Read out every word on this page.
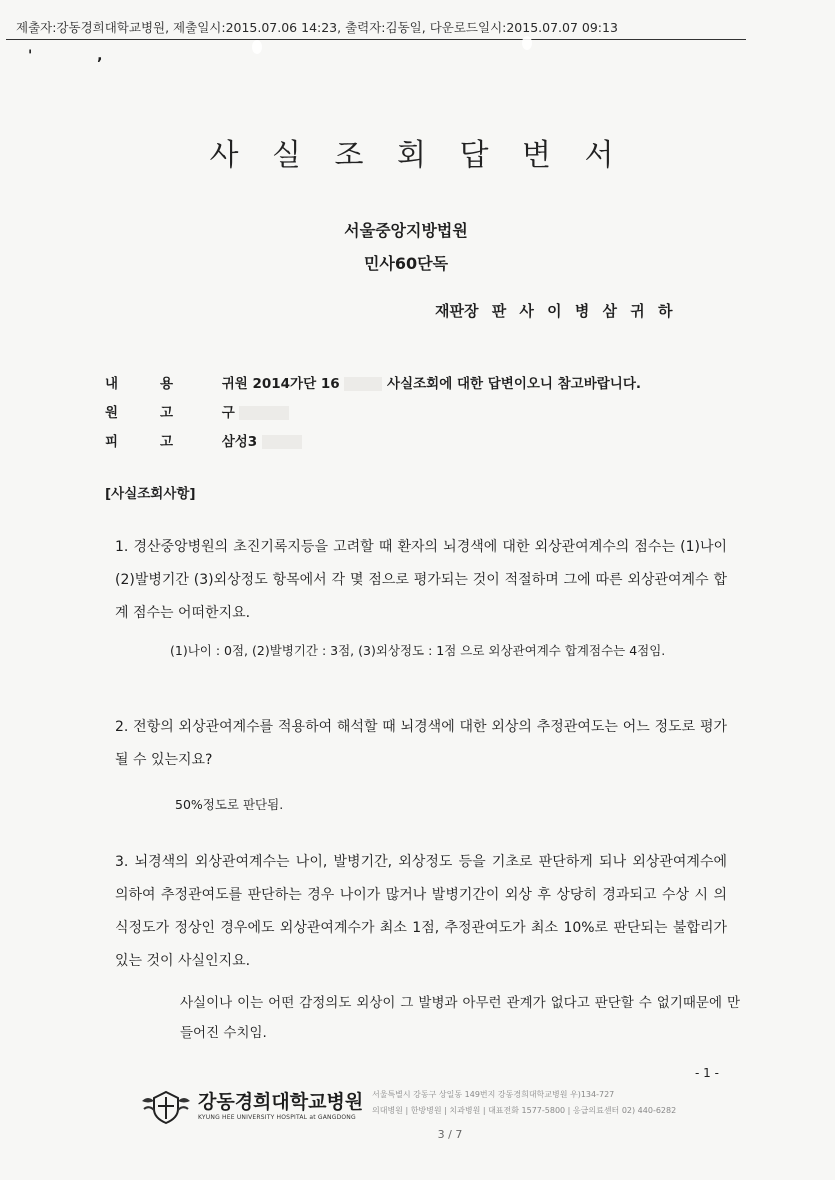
제출자:강동경희대학교병원, 제출일시:2015.07.06 14:23, 출력자:김동일, 다운로드일시:2015.07.07 09:13
' ,
사 실 조 회 답 변 서
서울중앙지방법원
민사60단독
재판장 판 사 이 병 삼 귀 하
내용 귀원 2014가단 16	사실조회에 대한 답변이오니 참고바랍니다.
원고 구
피고 삼성3
[사실조회사항]
1. 경산중앙병원의 초진기록지등을 고려할 때 환자의 뇌경색에 대한 외상관여계수의 점수는 (1)나이 (2)발병기간 (3)외상정도 항목에서 각 몇 점으로 평가되는 것이 적절하며 그에 따른 외상관여계수 합계 점수는 어떠한지요.
(1)나이 : 0점, (2)발병기간 : 3점, (3)외상정도 : 1점 으로 외상관여계수 합계점수는 4점임.
2. 전항의 외상관여계수를 적용하여 해석할 때 뇌경색에 대한 외상의 추정관여도는 어느 정도로 평가될 수 있는지요?
50%정도로 판단됨.
3. 뇌경색의 외상관여계수는 나이, 발병기간, 외상정도 등을 기초로 판단하게 되나 외상관여계수에 의하여 추정관여도를 판단하는 경우 나이가 많거나 발병기간이 외상 후 상당히 경과되고 수상 시 의식정도가 정상인 경우에도 외상관여계수가 최소 1점, 추정관여도가 최소 10%로 판단되는 불합리가 있는 것이 사실인지요.
사실이나 이는 어떤 감정의도 외상이 그 발병과 아무런 관계가 없다고 판단할 수 없기때문에 만들어진 수치임.
- 1 -
강동경희대학교병원
KYUNG HEE UNIVERSITY HOSPITAL at GANGDONG
서울특별시 강동구 상일동 149번지 강동경희대학교병원 우)134-727
의대병원 | 한방병원 | 치과병원 | 대표전화 1577-5800 | 응급의료센터 02) 440-6282
3 / 7
